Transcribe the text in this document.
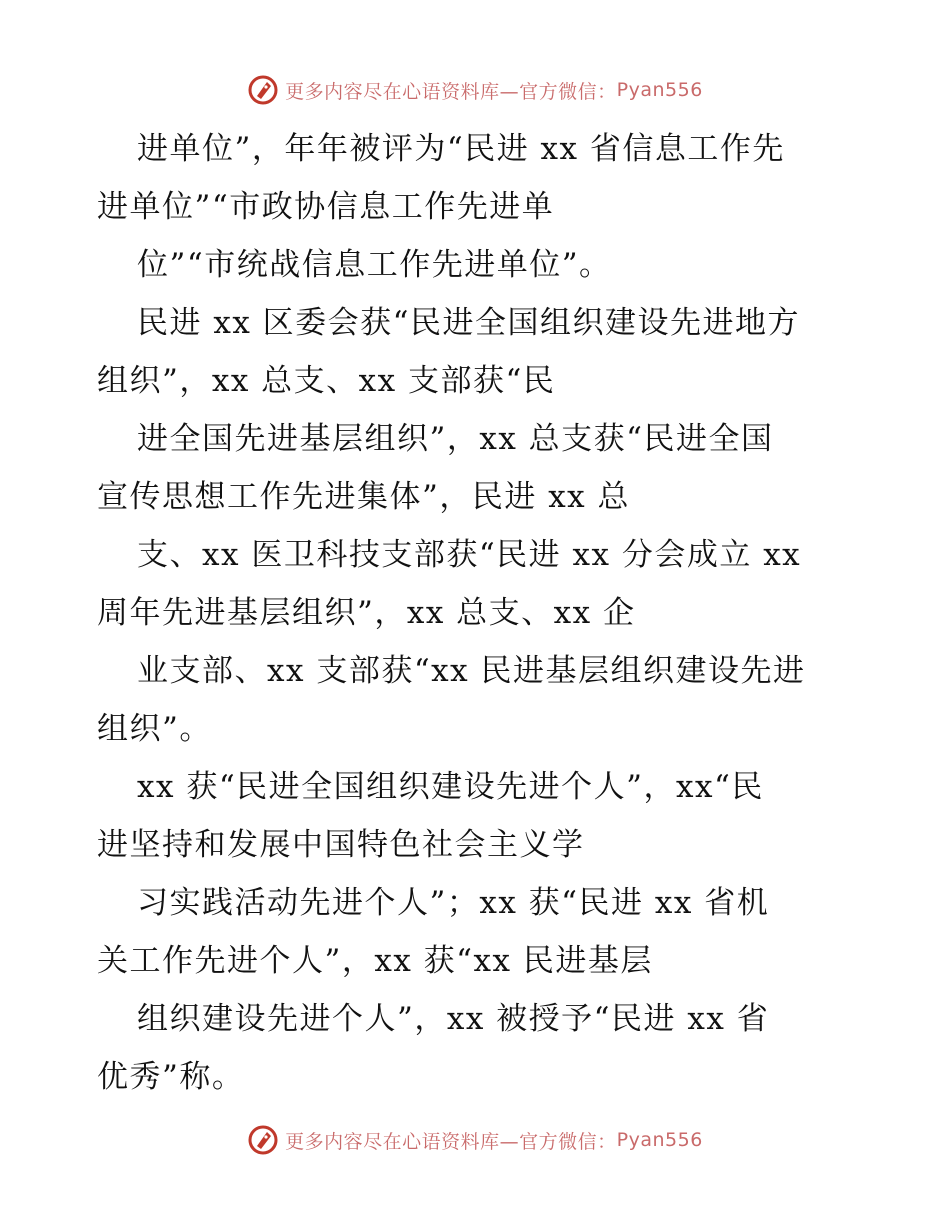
更多内容尽在心语资料库—官方微信： Pyan556
进单位”，年年被评为“民进 xx 省信息工作先
进单位”“市政协信息工作先进单
位”“市统战信息工作先进单位”。
民进 xx 区委会获“民进全国组织建设先进地方
组织”，xx 总支、xx 支部获“民
进全国先进基层组织”，xx 总支获“民进全国
宣传思想工作先进集体”，民进 xx 总
支、xx 医卫科技支部获“民进 xx 分会成立 xx
周年先进基层组织”，xx 总支、xx 企
业支部、xx 支部获“xx 民进基层组织建设先进
组织”。
xx 获“民进全国组织建设先进个人”，xx“民
进坚持和发展中国特色社会主义学
习实践活动先进个人”；xx 获“民进 xx 省机
关工作先进个人”，xx 获“xx 民进基层
组织建设先进个人”，xx 被授予“民进 xx 省
优秀”称。
更多内容尽在心语资料库—官方微信： Pyan556
